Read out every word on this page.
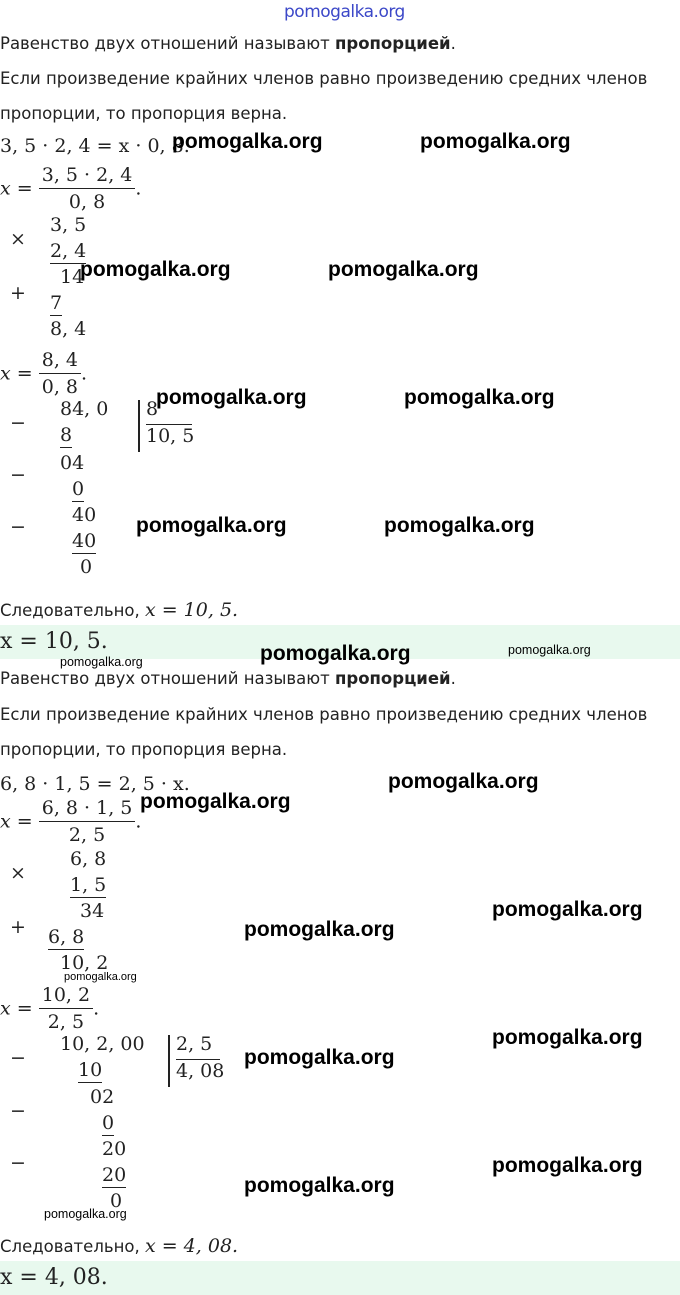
pomogalka.org
Равенство двух отношений называют пропорцией.
Если произведение крайних членов равно произведению средних членов
пропорции, то пропорция верна.
3, 5 · 2, 4 = x · 0, 8.
$x = \frac{3, 5 \cdot 2, 4}{0, 8}$ .
×
3, 5
2, 4
14
+ 7
8, 4
$x = \frac{8, 4}{0, 8}$ .
−
84, 0 8
10, 5
8
04
−
0
40
−
40
0
Следовательно, x = 10, 5.
x = 10, 5.
Равенство двух отношений называют пропорцией.
Если произведение крайних членов равно произведению средних членов
пропорции, то пропорция верна.
6, 8 · 1, 5 = 2, 5 · x.
$x = \frac{6, 8 \cdot 1, 5}{2, 5}$ .
×
6, 8
1, 5
34
+ 6, 8
10, 2
$x = \frac{10, 2}{2, 5}$ .
−
10, 2, 00 2, 5
4, 08
10
02
−
0
20
−
20
0
Следовательно, x = 4, 08.
x = 4, 08.
pomogalka.org	pomogalka.org
pomogalka.org	pomogalka.org
pomogalka.org	pomogalka.org
pomogalka.org	pomogalka.org
pomogalka.org	pomogalka.org	pomogalka.org
pomogalka.org
pomogalka.org
pomogalka.org
pomogalka.org
pomogalka.org
pomogalka.org
pomogalka.org
pomogalka.org
pomogalka.org
pomogalka.org
